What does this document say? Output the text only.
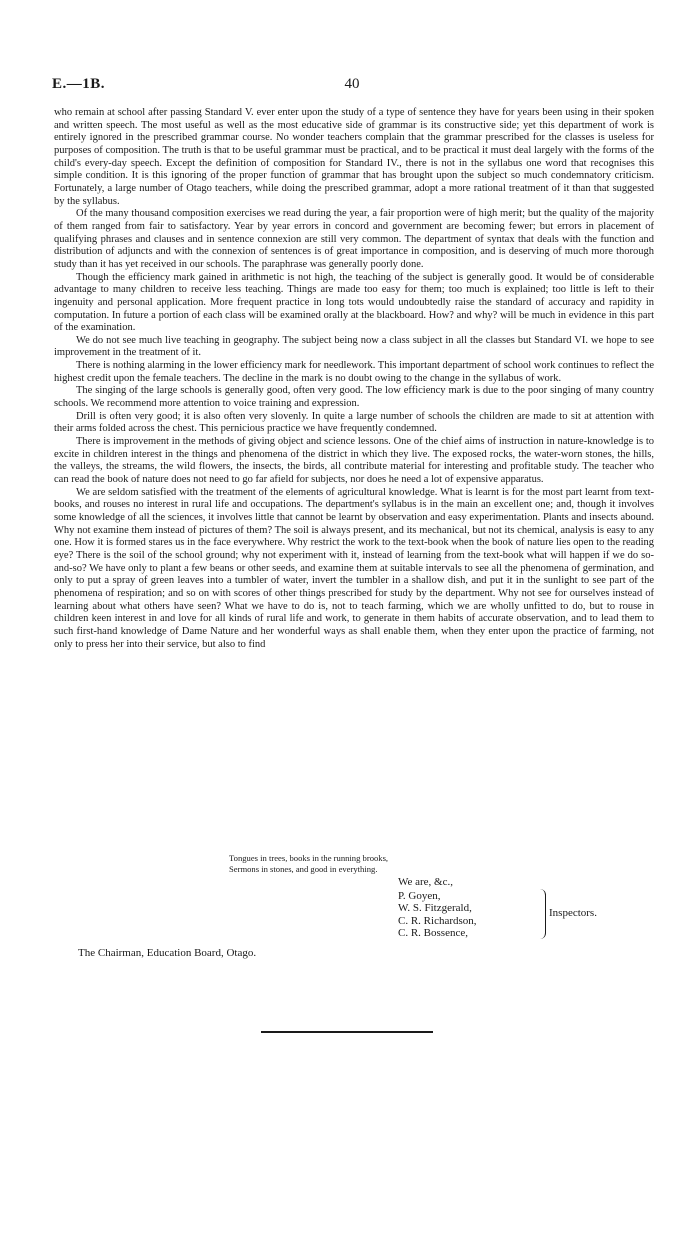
E.—1B.	40

who remain at school after passing Standard V. ever enter upon the study of a type of sentence they have for years been using in their spoken and written speech. The most useful as well as the most educative side of grammar is its constructive side; yet this department of work is entirely ignored in the prescribed grammar course. No wonder teachers complain that the grammar prescribed for the classes is useless for purposes of composition. The truth is that to be useful grammar must be practical, and to be practical it must deal largely with the forms of the child's every-day speech. Except the definition of composition for Standard IV., there is not in the syllabus one word that recognises this simple condition. It is this ignoring of the proper function of grammar that has brought upon the subject so much condemnatory criticism. Fortunately, a large number of Otago teachers, while doing the prescribed grammar, adopt a more rational treatment of it than that suggested by the syllabus.

Of the many thousand composition exercises we read during the year, a fair proportion were of high merit; but the quality of the majority of them ranged from fair to satisfactory. Year by year errors in concord and government are becoming fewer; but errors in placement of qualifying phrases and clauses and in sentence connexion are still very common. The department of syntax that deals with the function and distribution of adjuncts and with the connexion of sentences is of great importance in composition, and is deserving of much more thorough study than it has yet received in our schools. The paraphrase was generally poorly done.

Though the efficiency mark gained in arithmetic is not high, the teaching of the subject is generally good. It would be of considerable advantage to many children to receive less teaching. Things are made too easy for them; too much is explained; too little is left to their ingenuity and personal application. More frequent practice in long tots would undoubtedly raise the standard of accuracy and rapidity in computation. In future a portion of each class will be examined orally at the blackboard. How? and why? will be much in evidence in this part of the examination.

We do not see much live teaching in geography. The subject being now a class subject in all the classes but Standard VI. we hope to see improvement in the treatment of it.

There is nothing alarming in the lower efficiency mark for needlework. This important department of school work continues to reflect the highest credit upon the female teachers. The decline in the mark is no doubt owing to the change in the syllabus of work.

The singing of the large schools is generally good, often very good. The low efficiency mark is due to the poor singing of many country schools. We recommend more attention to voice training and expression.

Drill is often very good; it is also often very slovenly. In quite a large number of schools the children are made to sit at attention with their arms folded across the chest. This pernicious practice we have frequently condemned.

There is improvement in the methods of giving object and science lessons. One of the chief aims of instruction in nature-knowledge is to excite in children interest in the things and phenomena of the district in which they live. The exposed rocks, the water-worn stones, the hills, the valleys, the streams, the wild flowers, the insects, the birds, all contribute material for interesting and profitable study. The teacher who can read the book of nature does not need to go far afield for subjects, nor does he need a lot of expensive apparatus.

We are seldom satisfied with the treatment of the elements of agricultural knowledge. What is learnt is for the most part learnt from text-books, and rouses no interest in rural life and occupations. The department's syllabus is in the main an excellent one; and, though it involves some knowledge of all the sciences, it involves little that cannot be learnt by observation and easy experimentation. Plants and insects abound. Why not examine them instead of pictures of them? The soil is always present, and its mechanical, but not its chemical, analysis is easy to any one. How it is formed stares us in the face everywhere. Why restrict the work to the text-book when the book of nature lies open to the reading eye? There is the soil of the school ground; why not experiment with it, instead of learning from the text-book what will happen if we do so-and-so? We have only to plant a few beans or other seeds, and examine them at suitable intervals to see all the phenomena of germination, and only to put a spray of green leaves into a tumbler of water, invert the tumbler in a shallow dish, and put it in the sunlight to see part of the phenomena of respiration; and so on with scores of other things prescribed for study by the department. Why not see for ourselves instead of learning about what others have seen? What we have to do is, not to teach farming, which we are wholly unfitted to do, but to rouse in children keen interest in and love for all kinds of rural life and work, to generate in them habits of accurate observation, and to lead them to such first-hand knowledge of Dame Nature and her wonderful ways as shall enable them, when they enter upon the practice of farming, not only to press her into their service, but also to find

Tongues in trees, books in the running brooks,
Sermons in stones, and good in everything.
We are, &c.,
P. Goyen,
W. S. Fitzgerald,
C. R. Richardson,
C. R. Bossence,
Inspectors.
The Chairman, Education Board, Otago.
